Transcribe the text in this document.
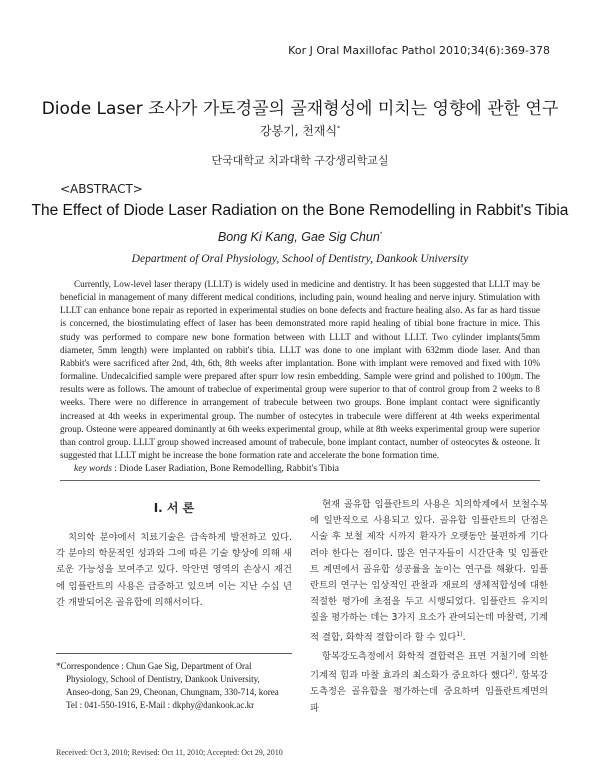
Kor J Oral Maxillofac Pathol 2010;34(6):369-378
Diode Laser 조사가 가토경골의 골재형성에 미치는 영향에 관한 연구
강봉기, 천재식*
단국대학교 치과대학 구강생리학교실
<ABSTRACT>
The Effect of Diode Laser Radiation on the Bone Remodelling in Rabbit's Tibia
Bong Ki Kang, Gae Sig Chun*
Department of Oral Physiology, School of Dentistry, Dankook University

Currently, Low-level laser therapy (LLLT) is widely used in medicine and dentistry. It has been suggested that LLLT may be beneficial in management of many different medical conditions, including pain, wound healing and nerve injury. Stimulation with LLLT can enhance bone repair as reported in experimental studies on bone defects and fracture healing also. As far as hard tissue is concerned, the biostimulating effect of laser has been demonstrated more rapid healing of tibial bone fracture in mice. This study was performed to compare new bone formation between with LLLT and without LLLT. Two cylinder implants(5mm diameter, 5mm length) were implanted on rabbit's tibia. LLLT was done to one implant with 632mm diode laser. And than Rabbit's were sacrificed after 2nd, 4th, 6th, 8th weeks after implantation. Bone with implant were removed and fixed with 10% formaline. Undecalcified sample were prepared after spurr low resin embedding. Sample were grind and polished to 100㎛. The results were as follows. The amount of trabecluе of experimental group were superior to that of control group from 2 weeks to 8 weeks. There were no difference in arrangement of trabecule between two groups. Bone implant contact were significantly increased at 4th weeks in experimental group. The number of ostecytes in trabecule were different at 4th weeks experimental group. Osteone were appeared dominantly at 6th weeks experimental group, while at 8th weeks experimental group were superior than control group. LLLT group showed increased amount of trabecule, bone implant contact, number of osteocytes & osteone. It suggested that LLLT might be increase the bone formation rate and accelerate the bone formation time.

key words : Diode Laser Radiation, Bone Remodelling, Rabbit's Tibia
I. 서 론

치의학 분야에서 치료기술은 급속하게 발전하고 있다. 각 분야의 학문적인 성과와 그에 따른 기술 향상에 의해 새로운 가능성을 보여주고 있다. 악안면 영역의 손상시 재건에 임플란트의 사용은 급증하고 있으며 이는 지난 수십 년간 개발되어온 골유합에 의해서이다.

현재 골유합 임플란트의 사용은 치의학계에서 보철수복에 일반적으로 사용되고 있다. 골유합 임플란트의 단점은 시술 후 보철 제작 시까지 환자가 오랫동안 불편하게 기다려야 한다는 점이다. 많은 연구자들이 시간단축 및 임플란트 계면에서 골유합 성공률을 높이는 연구를 해왔다. 임플란트의 연구는 임상적인 관찰과 재료의 생체적합성에 대한 적절한 평가에 초점을 두고 시행되었다. 임플란트 유지의 질을 평가하는 데는 3가지 요소가 관여되는데 마찰력, 기계적 결합, 화학적 결합이라 할 수 있다$^{1)}$.

항복강도측정에서 화학적 결합력은 표면 거칠기에 의한 기계적 힘과 마찰 효과의 최소화가 중요하다 했다$^{2)}$. 항복강도측정은 골유합을 평가하는데 중요하며 임플란트계면의 파

*Correspondence : Chun Gae Sig, Department of Oral
Physiology, School of Dentistry, Dankook University,
Anseo-dong, San 29, Cheonan, Chungnam, 330-714, korea
Tel : 041-550-1916, E-Mail : dkphy@dankook.ac.kr
Received: Oct 3, 2010; Revised: Oct 11, 2010; Accepted: Oct 29, 2010
